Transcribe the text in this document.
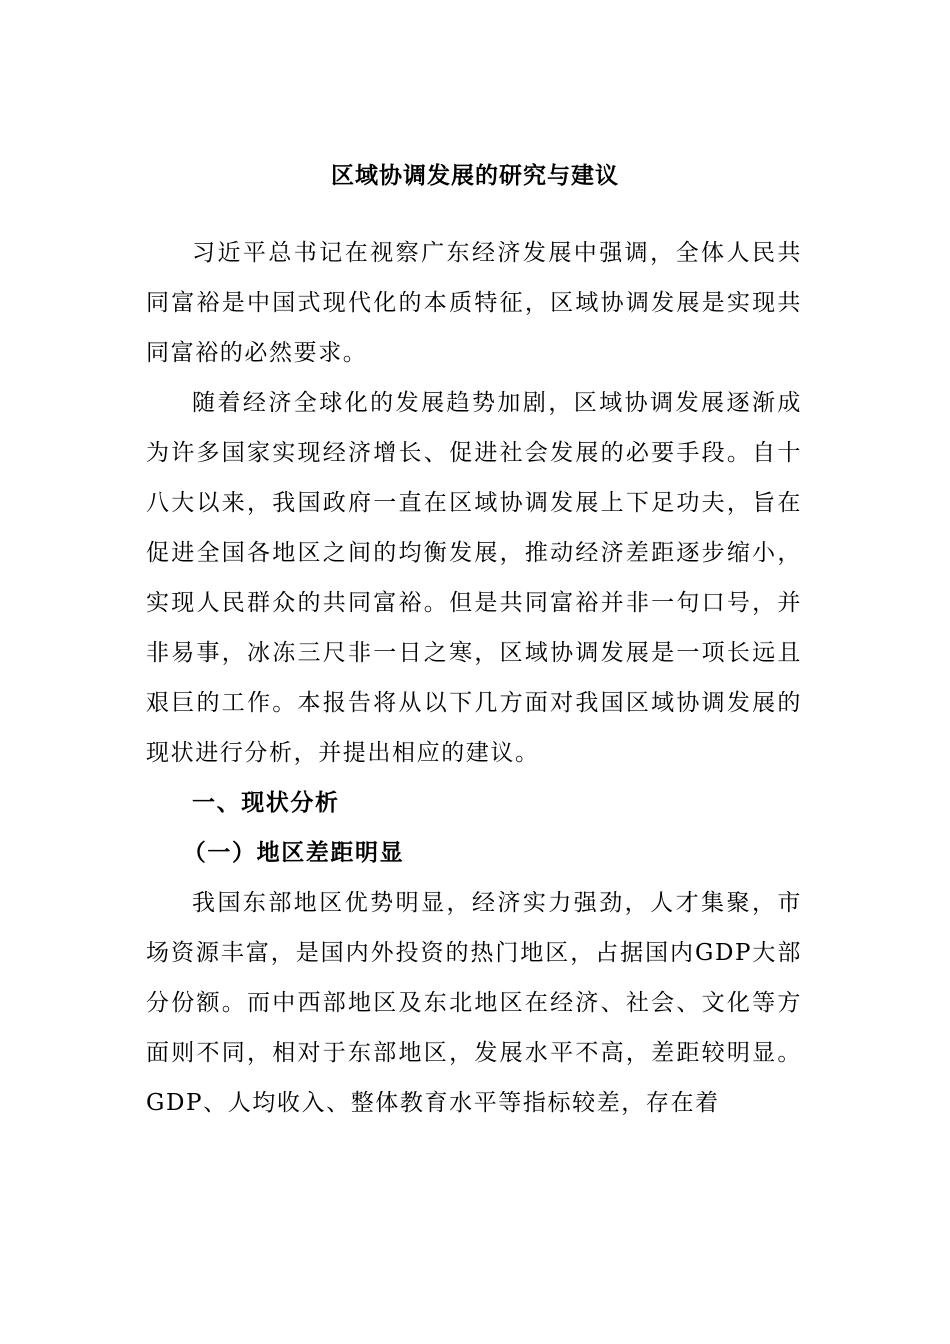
区域协调发展的研究与建议

习近平总书记在视察广东经济发展中强调，全体人民共同富裕是中国式现代化的本质特征，区域协调发展是实现共同富裕的必然要求。

随着经济全球化的发展趋势加剧，区域协调发展逐渐成为许多国家实现经济增长、促进社会发展的必要手段。自十八大以来，我国政府一直在区域协调发展上下足功夫，旨在促进全国各地区之间的均衡发展，推动经济差距逐步缩小，实现人民群众的共同富裕。但是共同富裕并非一句口号，并非易事，冰冻三尺非一日之寒，区域协调发展是一项长远且艰巨的工作。本报告将从以下几方面对我国区域协调发展的现状进行分析，并提出相应的建议。

一、现状分析
（一）地区差距明显

我国东部地区优势明显，经济实力强劲，人才集聚，市场资源丰富，是国内外投资的热门地区，占据国内GDP大部分份额。而中西部地区及东北地区在经济、社会、文化等方面则不同，相对于东部地区，发展水平不高，差距较明显。GDP、人均收入、整体教育水平等指标较差，存在着
